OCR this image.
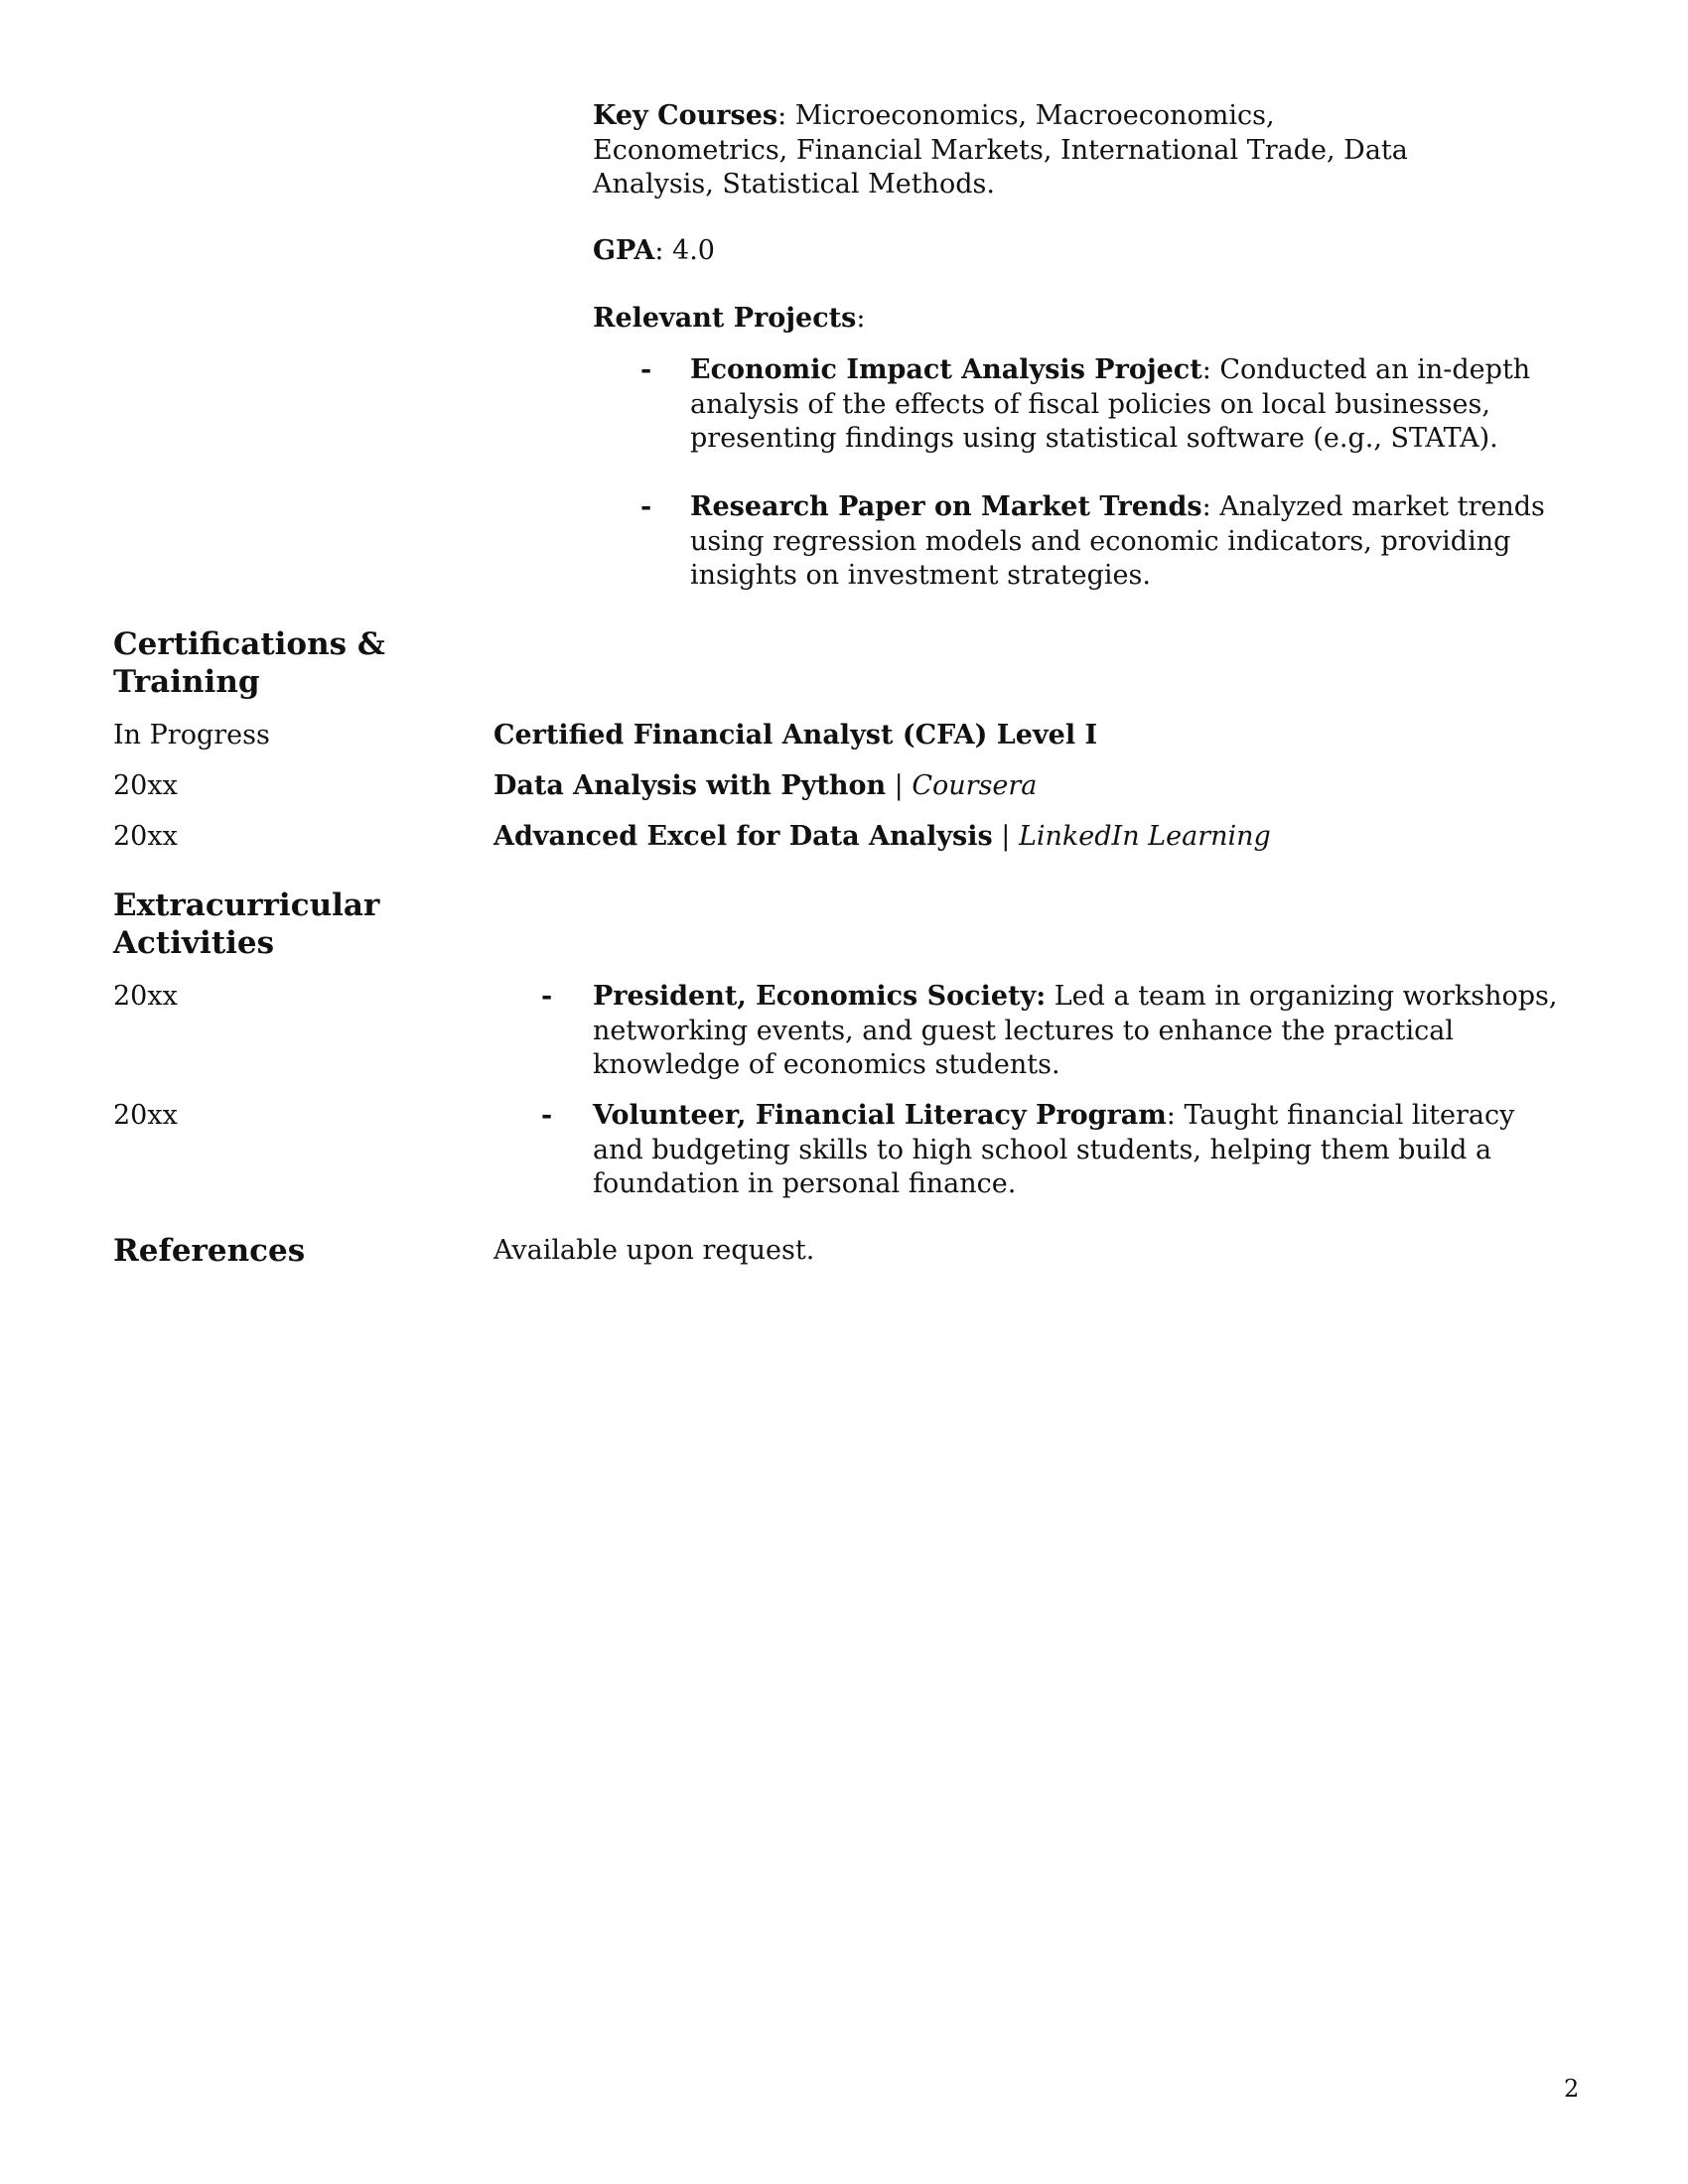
Key Courses: Microeconomics, Macroeconomics, Econometrics, Financial Markets, International Trade, Data Analysis, Statistical Methods.
GPA: 4.0
Relevant Projects:
- Economic Impact Analysis Project: Conducted an in-depth analysis of the effects of fiscal policies on local businesses, presenting findings using statistical software (e.g., STATA).

- Research Paper on Market Trends: Analyzed market trends using regression models and economic indicators, providing insights on investment strategies.

Certifications & Training
In Progress	Certified Financial Analyst (CFA) Level I
20xx	Data Analysis with Python | Coursera
20xx	Advanced Excel for Data Analysis | LinkedIn Learning
Extracurricular Activities
20xx	- President, Economics Society: Led a team in organizing workshops, networking events, and guest lectures to enhance the practical knowledge of economics students.

20xx	- Volunteer, Financial Literacy Program: Taught financial literacy and budgeting skills to high school students, helping them build a foundation in personal finance.

References	Available upon request.
2
